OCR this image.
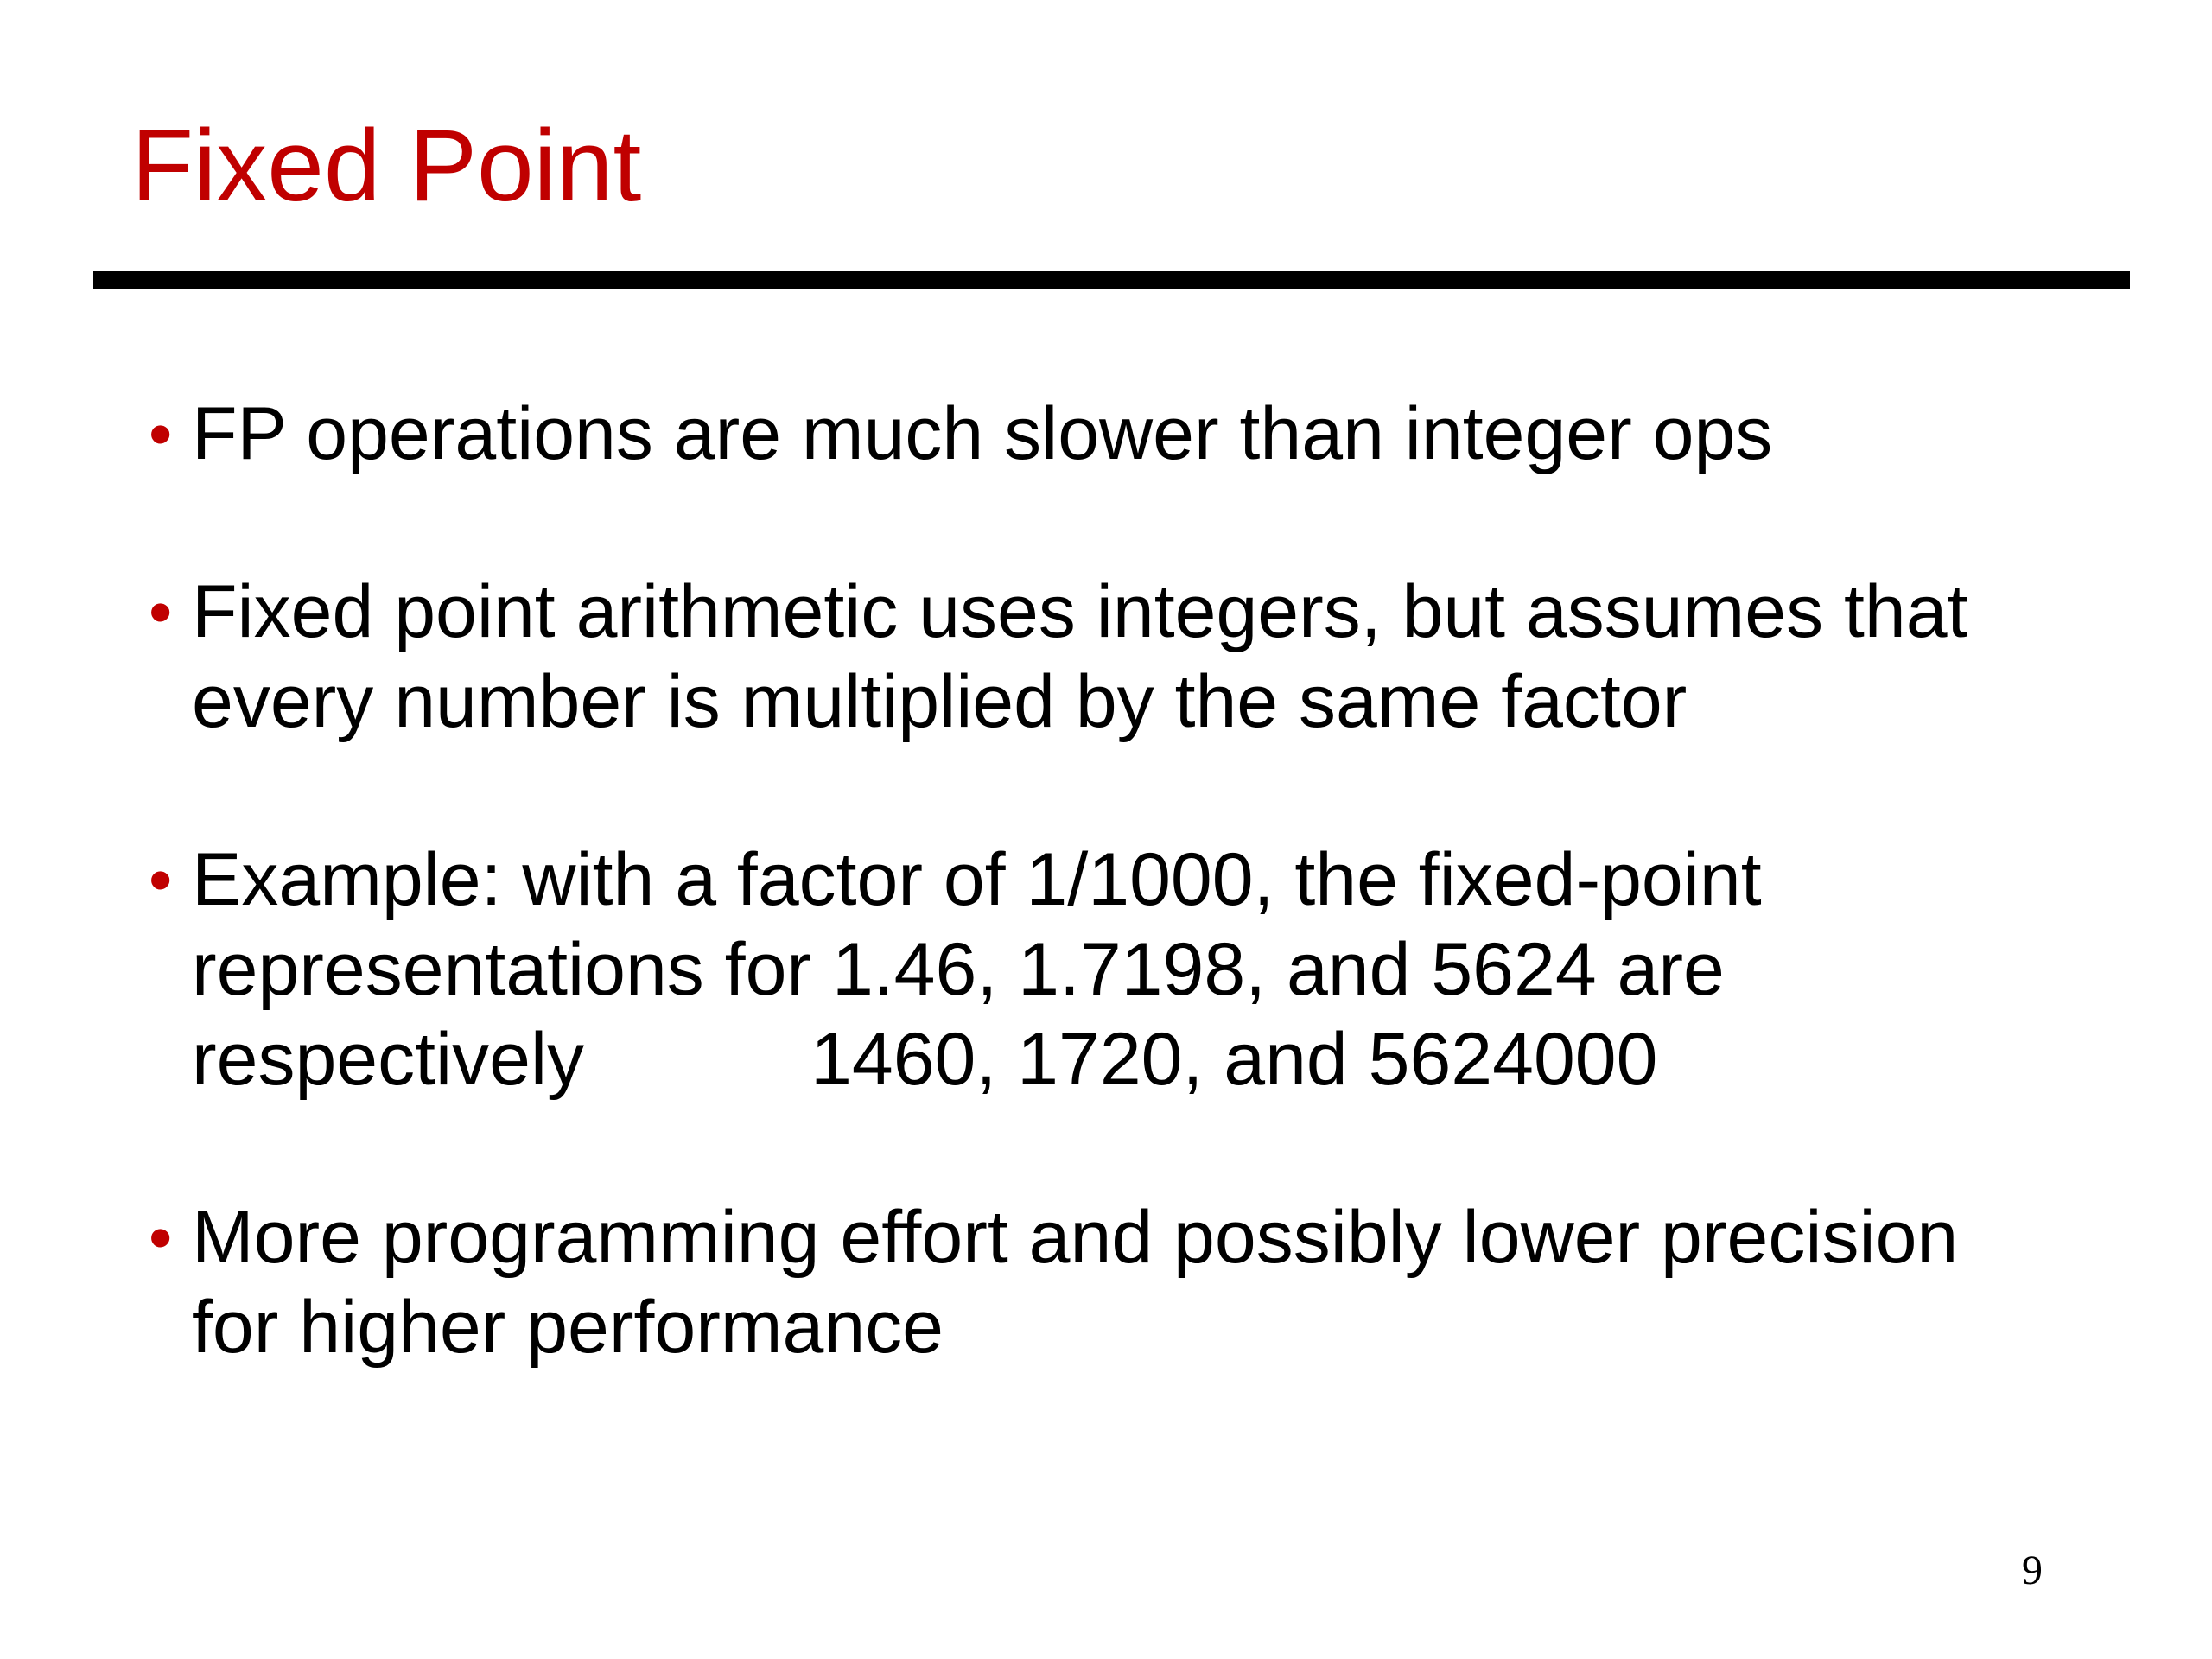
Fixed Point
• FP operations are much slower than integer ops
• Fixed point arithmetic uses integers, but assumes that
every number is multiplied by the same factor
• Example: with a factor of 1/1000, the fixed-point
representations for 1.46, 1.7198, and 5624 are
respectively	1460, 1720, and 5624000
• More programming effort and possibly lower precision
for higher performance
9
